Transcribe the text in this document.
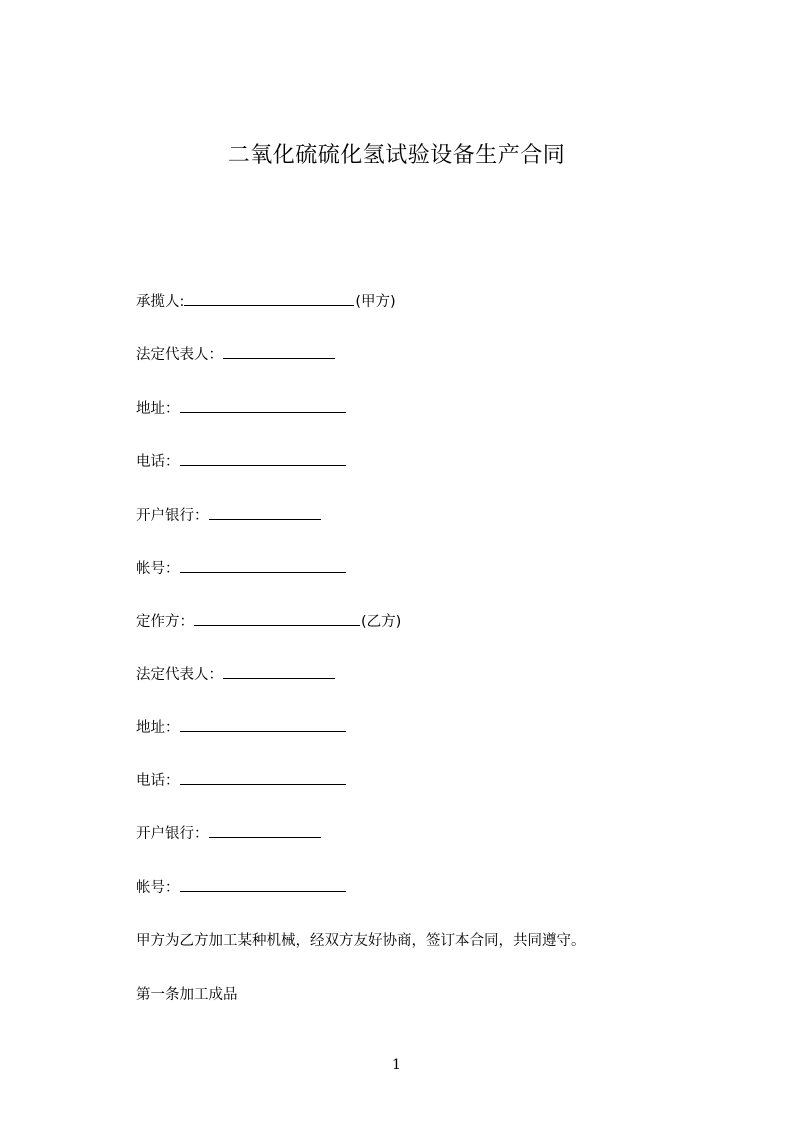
二氧化硫硫化氢试验设备生产合同
承揽人:	(甲方)
法定代表人：
地址：
电话：
开户银行：
帐号：
定作方：	(乙方)
法定代表人：
地址：
电话：
开户银行：
帐号：
甲方为乙方加工某种机械，经双方友好协商，签订本合同，共同遵守。
第一条加工成品
1
